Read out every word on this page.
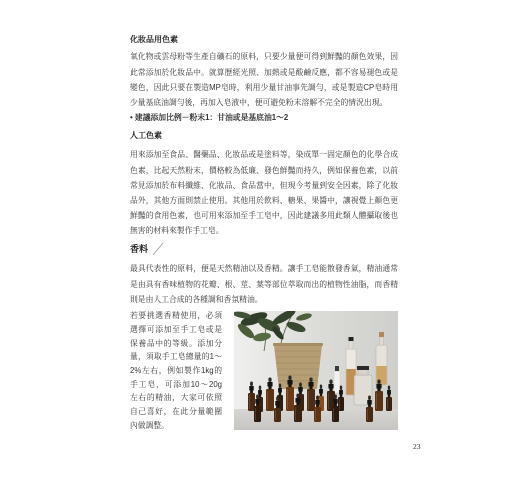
化妝品用色素
氧化物或雲母粉等生產自礦石的原料，只要少量便可得到鮮豔的顏色效果，因
此常添加於化妝品中。就算歷經光照、加熱或是酸鹼反應，都不容易褪色或是
變色，因此只要在製造MP皂時，利用少量甘油事先調勻，或是製造CP皂時用
少量基底油調勻後，再加入皂液中，便可避免粉末溶解不完全的情況出現。
• 建議添加比例－粉末1：甘油或是基底油1～2
人工色素
用來添加至食品、醫藥品、化妝品或是塗料等，染成單一固定顏色的化學合成
色素，比起天然粉末，價格較為低廉、發色鮮豔而持久，例如保養色素，以前
常見添加於布料纖維、化妝品、食品當中，但現今考量到安全因素，除了化妝
品外，其他方面則禁止使用。其他用於飲料、糖果、果醬中，讓視覺上顏色更
鮮豔的食用色素，也可用來添加至手工皂中，因此建議多用此類人體攝取後也
無害的材料來製作手工皂。
香料
最具代表性的原料，便是天然精油以及香精。讓手工皂能散發香氣，精油通常
是由具有香味植物的花瓣、根、莖、葉等部位萃取而出的植物性油脂，而香精
則是由人工合成的各種調和香氛精油。
若要挑選香精使用，必須
選擇可添加至手工皂或是
保養品中的等級。添加分
量，須取手工皂總量的1～
2%左右，例如製作1kg的
手工皂，可添加10～20g
左右的精油，大家可依照
自己喜好，在此分量範圍
內做調整。
23
